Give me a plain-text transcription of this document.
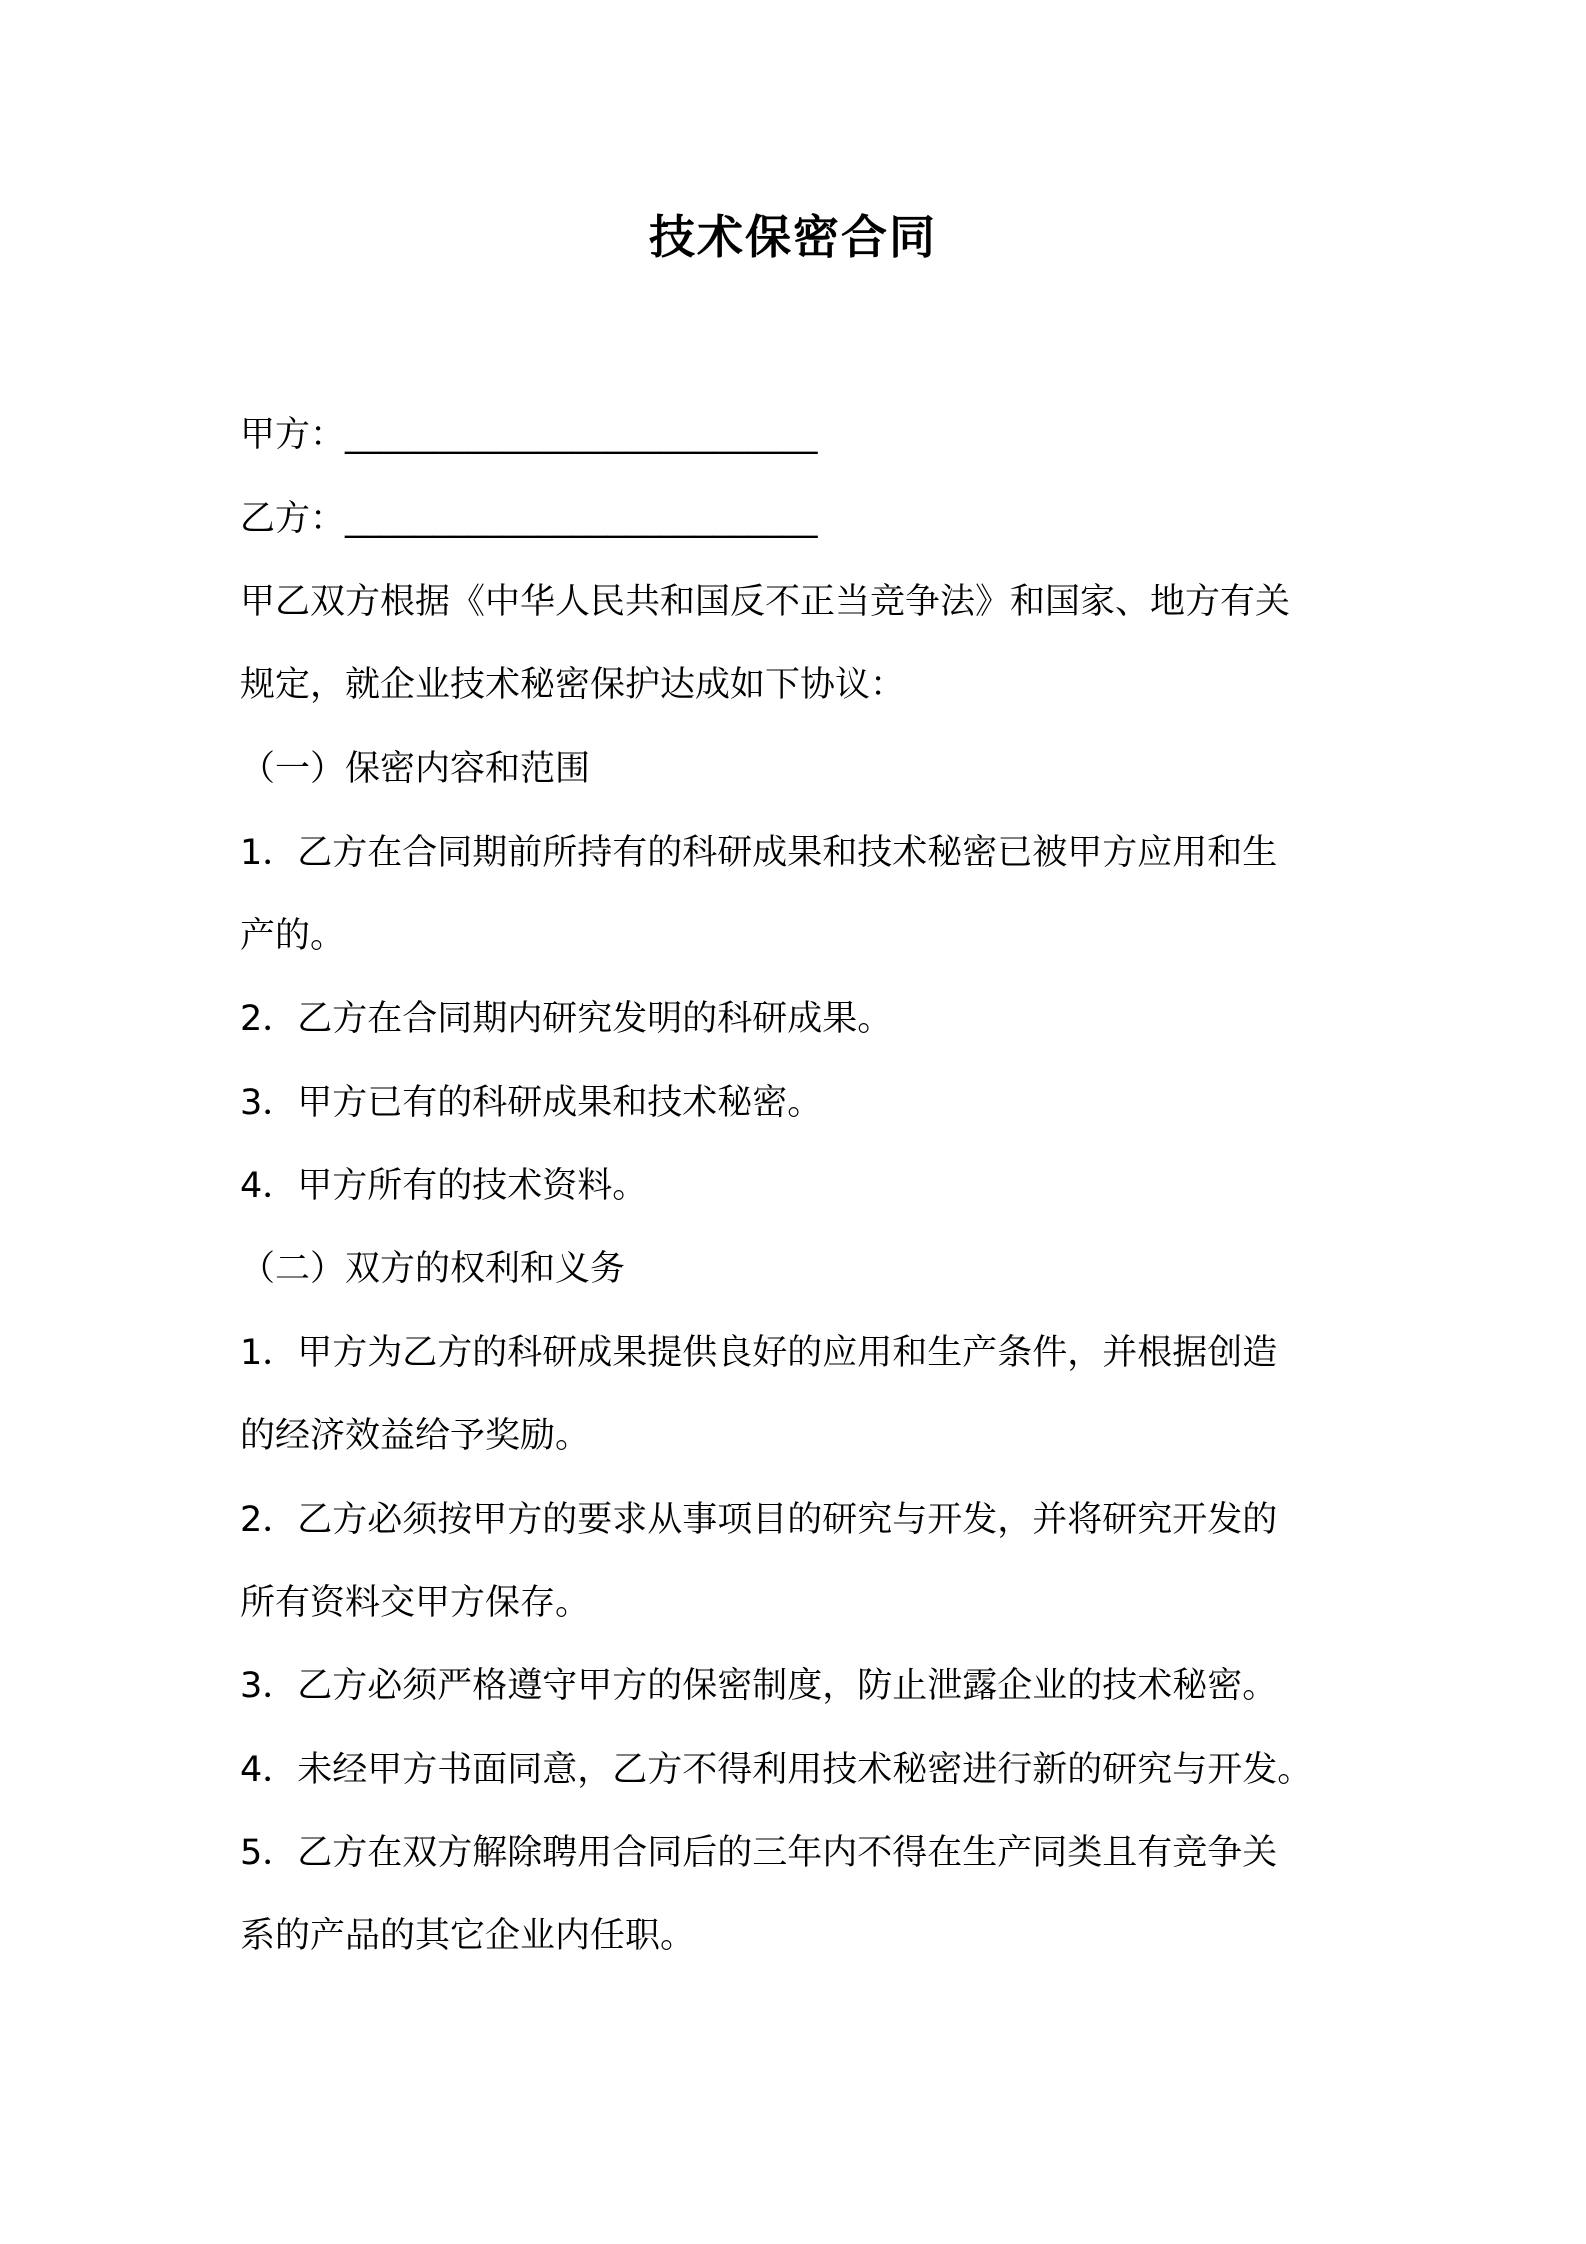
技术保密合同
甲方：___________________________
乙方：___________________________
甲乙双方根据《中华人民共和国反不正当竞争法》和国家、地方有关
规定，就企业技术秘密保护达成如下协议：
（一）保密内容和范围
1．乙方在合同期前所持有的科研成果和技术秘密已被甲方应用和生
产的。
2．乙方在合同期内研究发明的科研成果。
3．甲方已有的科研成果和技术秘密。
4．甲方所有的技术资料。
（二）双方的权利和义务
1．甲方为乙方的科研成果提供良好的应用和生产条件，并根据创造
的经济效益给予奖励。
2．乙方必须按甲方的要求从事项目的研究与开发，并将研究开发的
所有资料交甲方保存。
3．乙方必须严格遵守甲方的保密制度，防止泄露企业的技术秘密。
4．未经甲方书面同意，乙方不得利用技术秘密进行新的研究与开发。
5．乙方在双方解除聘用合同后的三年内不得在生产同类且有竞争关
系的产品的其它企业内任职。
